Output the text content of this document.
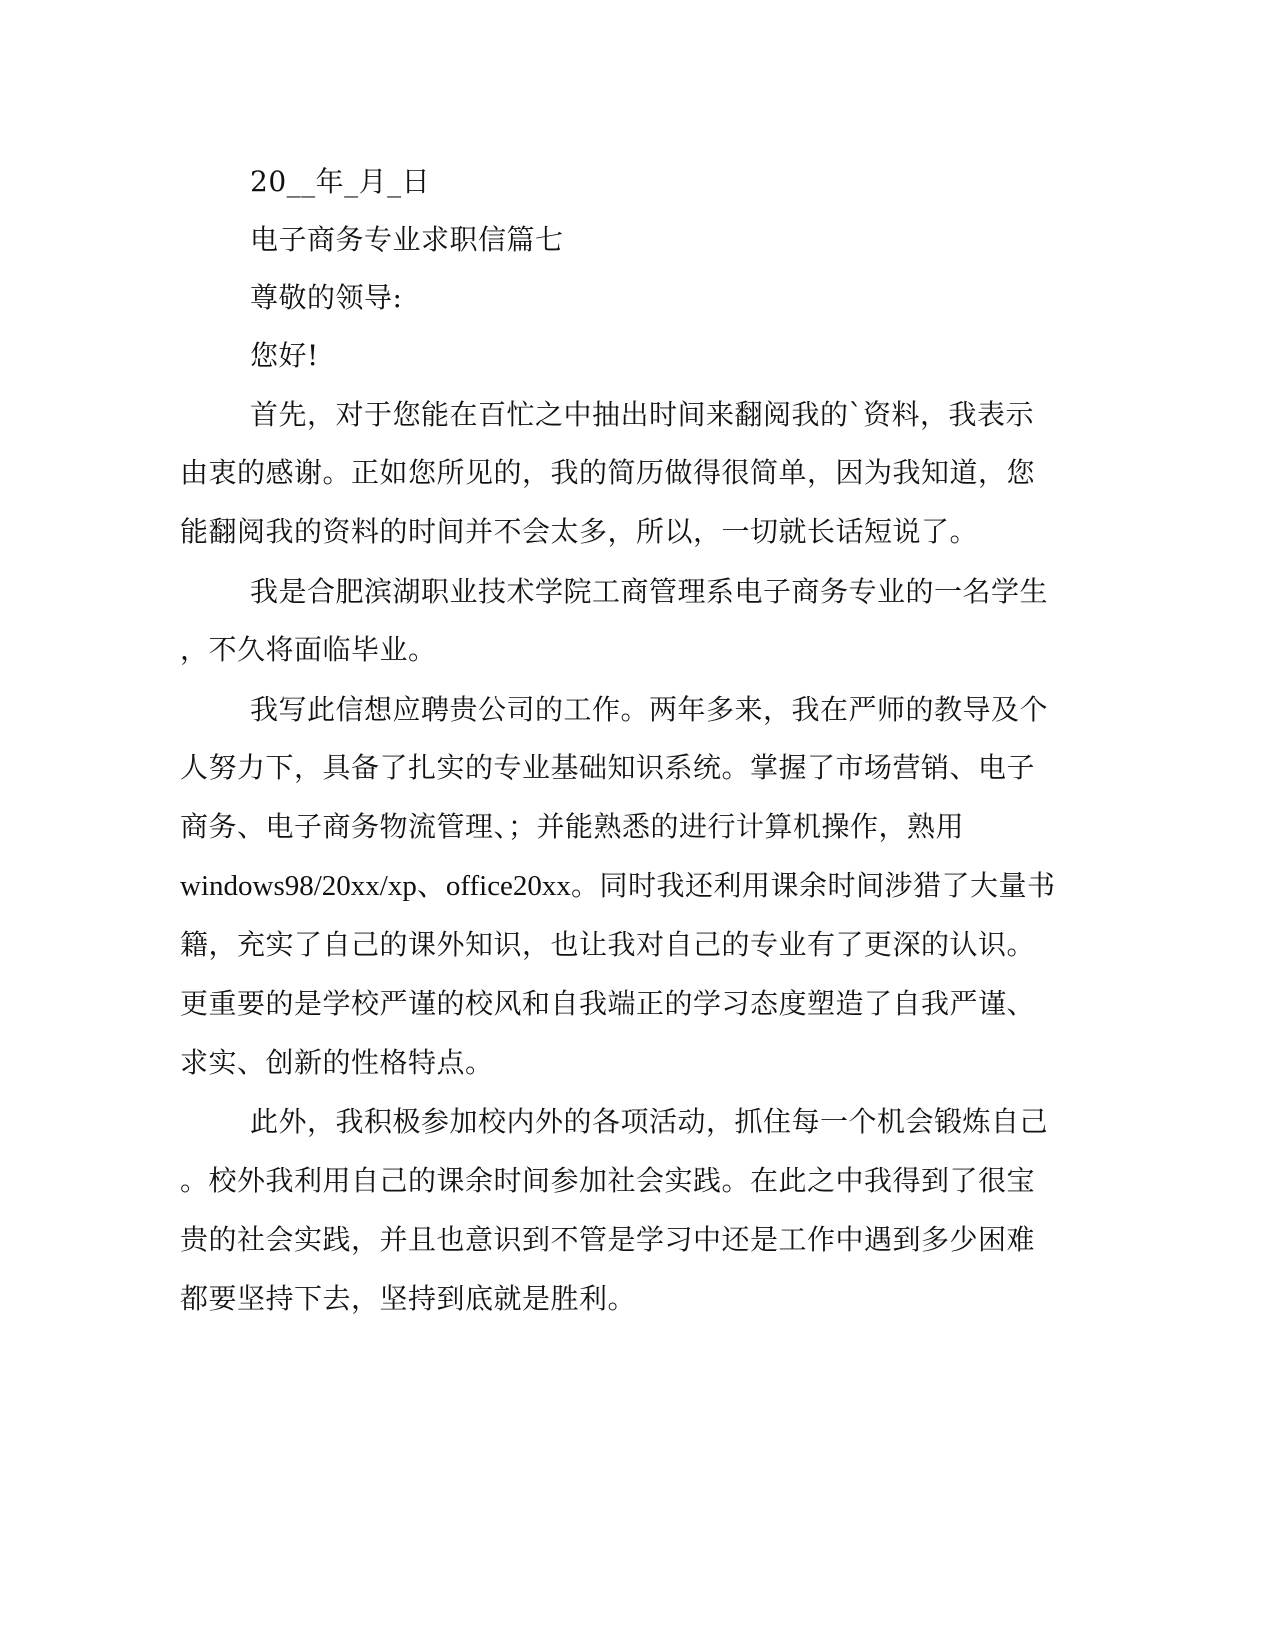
20__年_月_日

电子商务专业求职信篇七

尊敬的领导:

您好!

首先，对于您能在百忙之中抽出时间来翻阅我的`资料，我表示

由衷的感谢。正如您所见的，我的简历做得很简单，因为我知道，您

能翻阅我的资料的时间并不会太多，所以，一切就长话短说了。

我是合肥滨湖职业技术学院工商管理系电子商务专业的一名学生

，不久将面临毕业。

我写此信想应聘贵公司的工作。两年多来，我在严师的教导及个

人努力下，具备了扎实的专业基础知识系统。掌握了市场营销、电子

商务、电子商务物流管理、；并能熟悉的进行计算机操作，熟用

windows98/20xx/xp、office20xx。同时我还利用课余时间涉猎了大量书

籍，充实了自己的课外知识，也让我对自己的专业有了更深的认识。

更重要的是学校严谨的校风和自我端正的学习态度塑造了自我严谨、

求实、创新的性格特点。

此外，我积极参加校内外的各项活动，抓住每一个机会锻炼自己

。校外我利用自己的课余时间参加社会实践。在此之中我得到了很宝

贵的社会实践，并且也意识到不管是学习中还是工作中遇到多少困难

都要坚持下去，坚持到底就是胜利。
